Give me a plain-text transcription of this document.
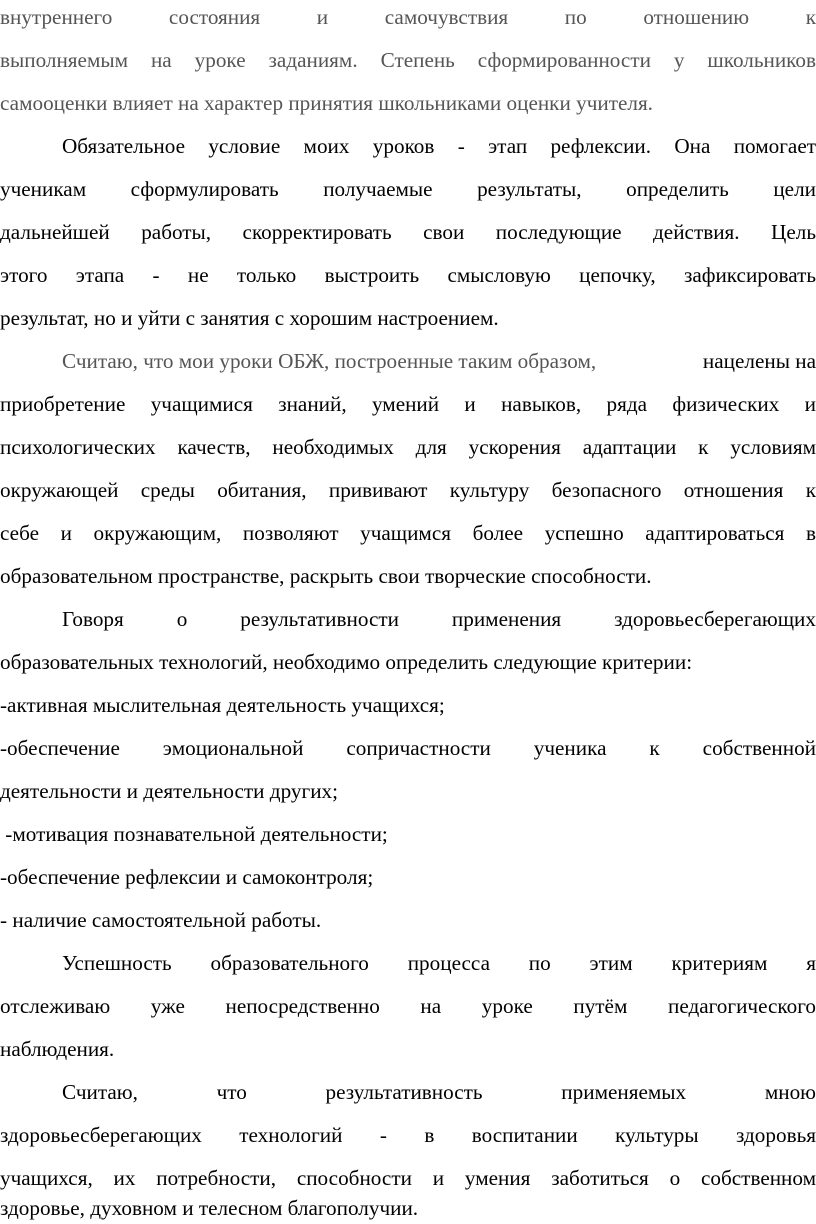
внутреннего состояния и самочувствия по отношению к
выполняемым на уроке заданиям. Степень сформированности у школьников
самооценки влияет на характер принятия школьниками оценки учителя.
Обязательное условие моих уроков - этап рефлексии. Она помогает
ученикам сформулировать получаемые результаты, определить цели
дальнейшей работы, скорректировать свои последующие действия. Цель
этого этапа - не только выстроить смысловую цепочку, зафиксировать
результат, но и уйти с занятия с хорошим настроением.
Считаю, что мои уроки ОБЖ, построенные таким образом,	нацелены на
приобретение учащимися знаний, умений и навыков, ряда физических и
психологических качеств, необходимых для ускорения адаптации к условиям
окружающей среды обитания, прививают культуру безопасного отношения к
себе и окружающим, позволяют учащимся более успешно адаптироваться в
образовательном пространстве, раскрыть свои творческие способности.
Говоря о результативности применения здоровьесберегающих
образовательных технологий, необходимо определить следующие критерии:
-активная мыслительная деятельность учащихся;
-обеспечение эмоциональной сопричастности ученика к собственной
деятельности и деятельности других;
-мотивация познавательной деятельности;
-обеспечение рефлексии и самоконтроля;
- наличие самостоятельной работы.
Успешность образовательного процесса по этим критериям я
отслеживаю уже непосредственно на уроке путём педагогического
наблюдения.
Считаю, что результативность применяемых мною
здоровьесберегающих технологий - в воспитании культуры здоровья
учащихся, их потребности, способности и умения заботиться о собственном
здоровье, духовном и телесном благополучии.
